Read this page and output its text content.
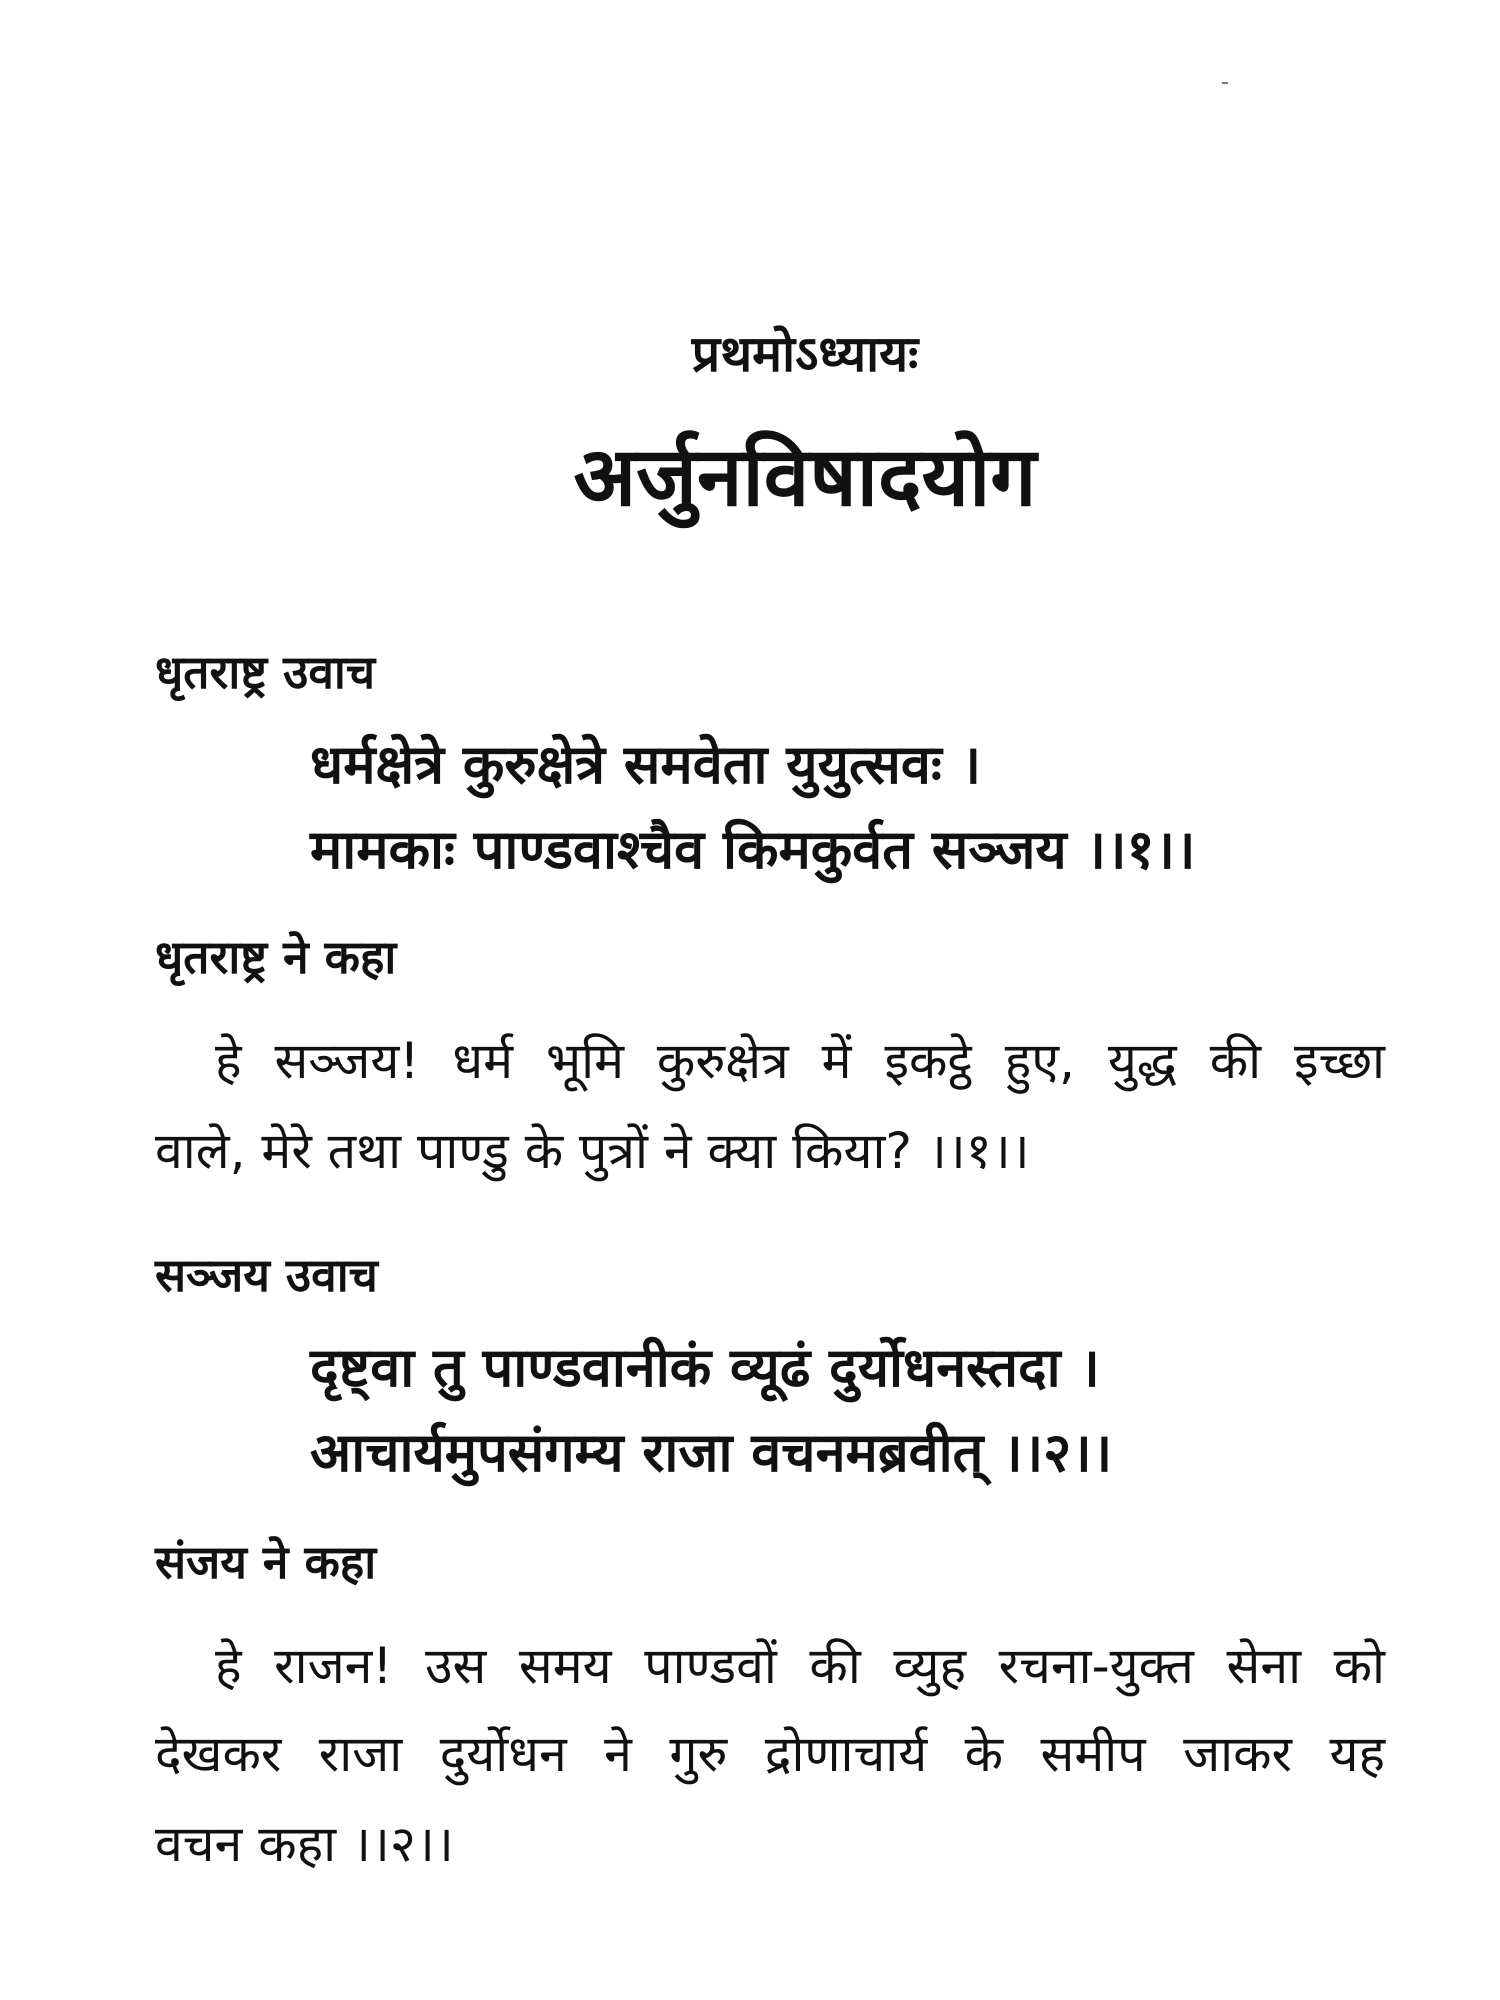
प्रथमोऽध्यायः
अर्जुनविषादयोग
धृतराष्ट्र उवाच
धर्मक्षेत्रे कुरुक्षेत्रे समवेता युयुत्सवः ।
मामकाः पाण्डवाश्चैव किमकुर्वत सञ्जय ।।१।।
धृतराष्ट्र ने कहा
हे सञ्जय! धर्म भूमि कुरुक्षेत्र में इकट्ठे हुए, युद्ध की इच्छा
वाले, मेरे तथा पाण्डु के पुत्रों ने क्या किया? ।।१।।
सञ्जय उवाच
दृष्ट्वा तु पाण्डवानीकं व्यूढं दुर्योधनस्तदा ।
आचार्यमुपसंगम्य राजा वचनमब्रवीत् ।।२।।
संजय ने कहा
हे राजन! उस समय पाण्डवों की व्युह रचना-युक्त सेना को
देखकर राजा दुर्योधन ने गुरु द्रोणाचार्य के समीप जाकर यह
वचन कहा ।।२।।
